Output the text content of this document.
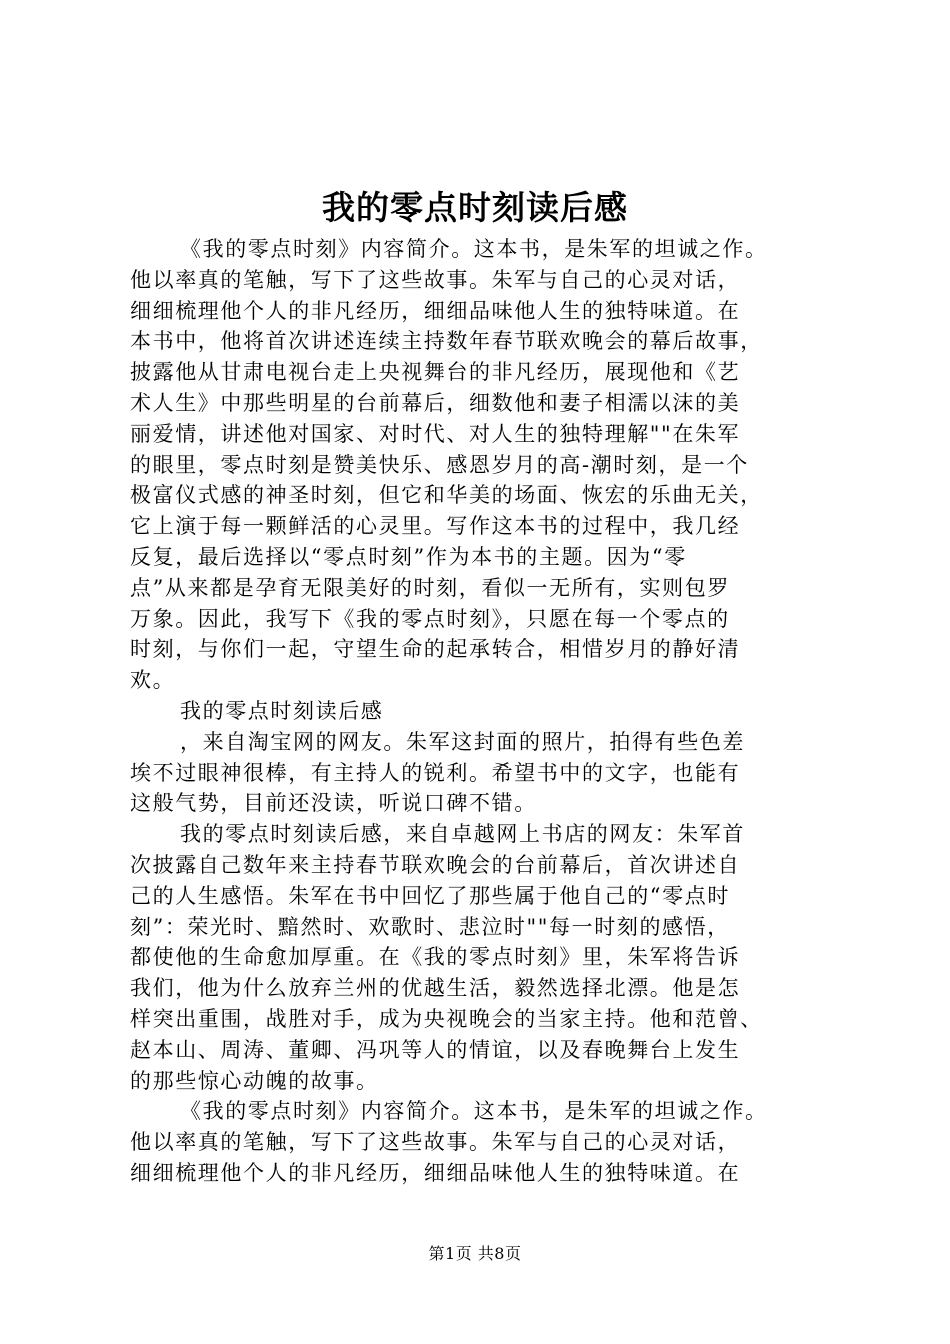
我的零点时刻读后感
《我的零点时刻》内容简介。这本书，是朱军的坦诚之作。
他以率真的笔触，写下了这些故事。朱军与自己的心灵对话，
细细梳理他个人的非凡经历，细细品味他人生的独特味道。在
本书中，他将首次讲述连续主持数年春节联欢晚会的幕后故事，
披露他从甘肃电视台走上央视舞台的非凡经历，展现他和《艺
术人生》中那些明星的台前幕后，细数他和妻子相濡以沫的美
丽爱情，讲述他对国家、对时代、对人生的独特理解""在朱军
的眼里，零点时刻是赞美快乐、感恩岁月的高-潮时刻，是一个
极富仪式感的神圣时刻，但它和华美的场面、恢宏的乐曲无关，
它上演于每一颗鲜活的心灵里。写作这本书的过程中，我几经
反复，最后选择以“零点时刻”作为本书的主题。因为“零
点”从来都是孕育无限美好的时刻，看似一无所有，实则包罗
万象。因此，我写下《我的零点时刻》，只愿在每一个零点的
时刻，与你们一起，守望生命的起承转合，相惜岁月的静好清
欢。
我的零点时刻读后感
，来自淘宝网的网友。朱军这封面的照片，拍得有些色差
埃不过眼神很棒，有主持人的锐利。希望书中的文字，也能有
这般气势，目前还没读，听说口碑不错。
我的零点时刻读后感，来自卓越网上书店的网友：朱军首
次披露自己数年来主持春节联欢晚会的台前幕后，首次讲述自
己的人生感悟。朱军在书中回忆了那些属于他自己的“零点时
刻”：荣光时、黯然时、欢歌时、悲泣时""每一时刻的感悟，
都使他的生命愈加厚重。在《我的零点时刻》里，朱军将告诉
我们，他为什么放弃兰州的优越生活，毅然选择北漂。他是怎
样突出重围，战胜对手，成为央视晚会的当家主持。他和范曾、
赵本山、周涛、董卿、冯巩等人的情谊，以及春晚舞台上发生
的那些惊心动魄的故事。
《我的零点时刻》内容简介。这本书，是朱军的坦诚之作。
他以率真的笔触，写下了这些故事。朱军与自己的心灵对话，
细细梳理他个人的非凡经历，细细品味他人生的独特味道。在
第1页 共8页
